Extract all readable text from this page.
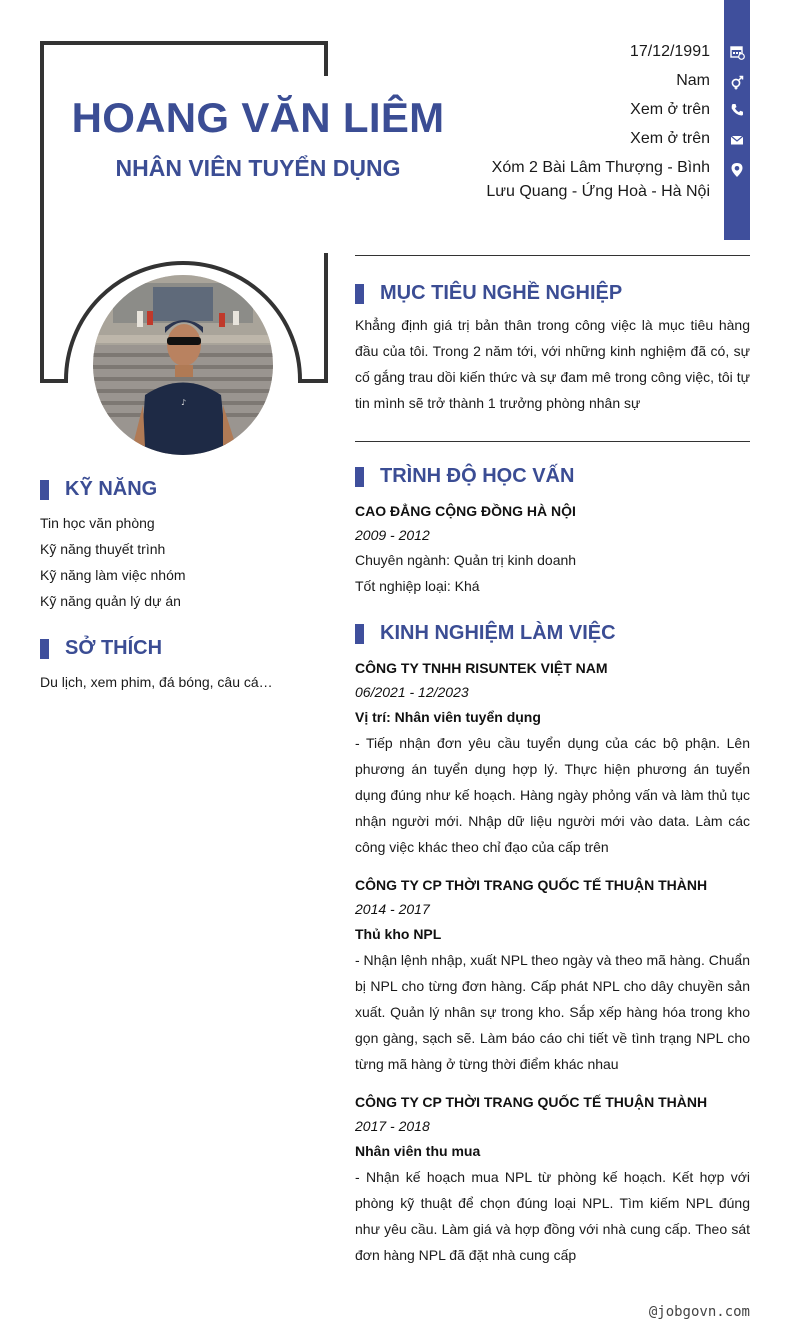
HOANG VĂN LIÊM
NHÂN VIÊN TUYỂN DỤNG
♪
17/12/1991
Nam
Xem ở trên
Xem ở trên
Xóm 2 Bài Lâm Thượng - Bình
Lưu Quang - Ứng Hoà - Hà Nội
KỸ NĂNG
Tin học văn phòng
Kỹ năng thuyết trình
Kỹ năng làm việc nhóm
Kỹ năng quản lý dự án
SỞ THÍCH
Du lịch, xem phim, đá bóng, câu cá…
MỤC TIÊU NGHỀ NGHIỆP
Khẳng định giá trị bản thân trong công việc là mục tiêu hàng đầu của tôi. Trong 2 năm tới, với những kinh nghiệm đã có, sự cố gắng trau dồi kiến thức và sự đam mê trong công việc, tôi tự tin mình sẽ trở thành 1 trưởng phòng nhân sự
TRÌNH ĐỘ HỌC VẤN
CAO ĐẲNG CỘNG ĐỒNG HÀ NỘI
2009 - 2012
Chuyên ngành: Quản trị kinh doanh
Tốt nghiệp loại: Khá
KINH NGHIỆM LÀM VIỆC
CÔNG TY TNHH RISUNTEK VIỆT NAM
06/2021 - 12/2023
Vị trí: Nhân viên tuyển dụng
- Tiếp nhận đơn yêu cầu tuyển dụng của các bộ phận. Lên phương án tuyển dụng hợp lý. Thực hiện phương án tuyển dụng đúng như kế hoạch. Hàng ngày phỏng vấn và làm thủ tục nhận người mới. Nhập dữ liệu người mới vào data. Làm các công việc khác theo chỉ đạo của cấp trên
CÔNG TY CP THỜI TRANG QUỐC TẾ THUẬN THÀNH
2014 - 2017
Thủ kho NPL
- Nhận lệnh nhập, xuất NPL theo ngày và theo mã hàng. Chuẩn bị NPL cho từng đơn hàng. Cấp phát NPL cho dây chuyền sản xuất. Quản lý nhân sự trong kho. Sắp xếp hàng hóa trong kho gọn gàng, sạch sẽ. Làm báo cáo chi tiết về tình trạng NPL cho từng mã hàng ở từng thời điểm khác nhau
CÔNG TY CP THỜI TRANG QUỐC TẾ THUẬN THÀNH
2017 - 2018
Nhân viên thu mua
- Nhận kế hoạch mua NPL từ phòng kế hoạch. Kết hợp với phòng kỹ thuật để chọn đúng loại NPL. Tìm kiếm NPL đúng như yêu cầu. Làm giá và hợp đồng với nhà cung cấp. Theo sát đơn hàng NPL đã đặt nhà cung cấp
@jobgovn.com
